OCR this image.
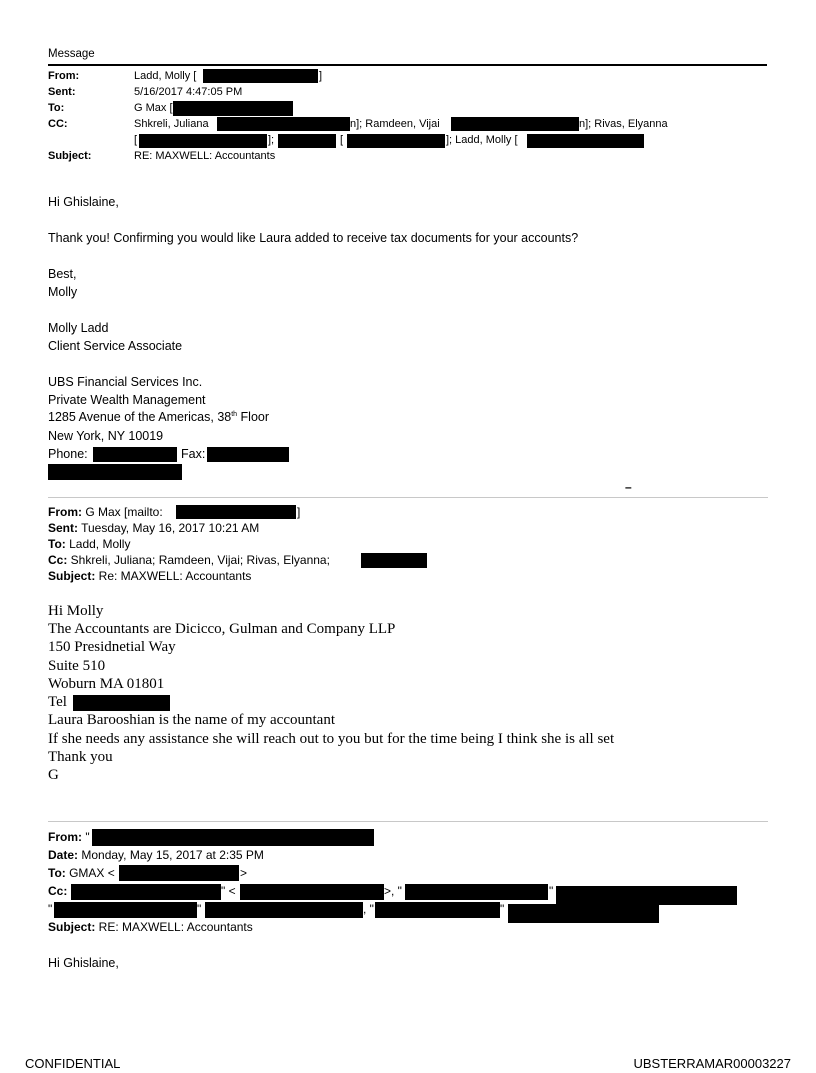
Message
From:	Ladd, Molly [	]
Sent:	5/16/2017 4:47:05 PM
To:	G Max [
CC:	Shkreli, Juliana	n]; Ramdeen, Vijai	n]; Rivas, Elyanna
[	];	[	]; Ladd, Molly [
Subject:	RE: MAXWELL: Accountants
Hi Ghislaine,
Thank you! Confirming you would like Laura added to receive tax documents for your accounts?
Best,
Molly
Molly Ladd
Client Service Associate
UBS Financial Services Inc.
Private Wealth Management
1285 Avenue of the Americas, 38th Floor
New York, NY 10019
Phone:	Fax:
–
From: G Max [mailto:	]
Sent: Tuesday, May 16, 2017 10:21 AM
To: Ladd, Molly
Cc: Shkreli, Juliana; Ramdeen, Vijai; Rivas, Elyanna;
Subject: Re: MAXWELL: Accountants
Hi Molly
The Accountants are Dicicco, Gulman and Company LLP
150 Presidnetial Way
Suite 510
Woburn MA 01801
Tel
Laura Barooshian is the name of my accountant
If she needs any assistance she will reach out to you but for the time being I think she is all set
Thank you
G
From: "
Date: Monday, May 15, 2017 at 2:35 PM
To: GMAX <	>
Cc:	" <	>, "	"
"	"	, "	"
Subject: RE: MAXWELL: Accountants
Hi Ghislaine,
CONFIDENTIAL	UBSTERRAMAR00003227
